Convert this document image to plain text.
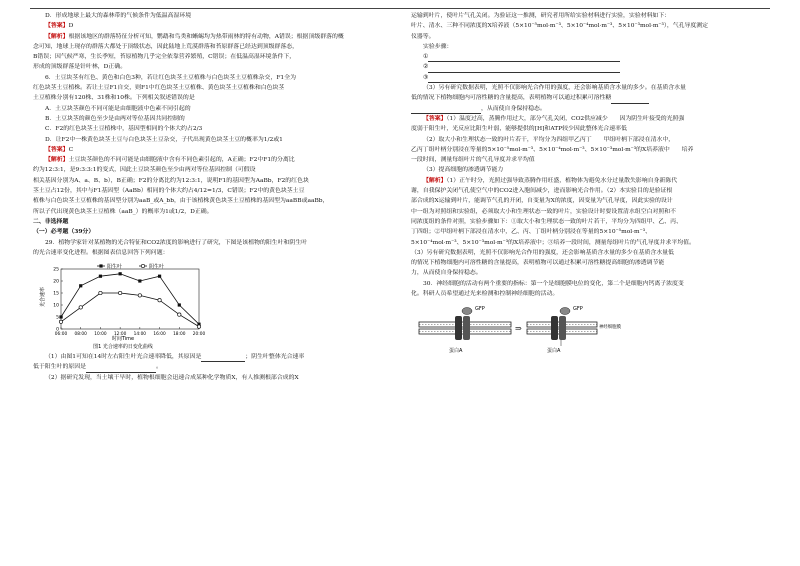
D．形成地球上最大的森林带的气候条件为低温高湿环境

【答案】D

【解析】根据该地区的群落特征分析可知，鹦鹉和鸟类和蜥蜴均为热带雨林的特有动物，A错误；根据顶级群落的概

念可知，地球上现存的群落大都处于顶级状态，因此陆地上荒漠群落和苔原群落已经达到顶级群落态，

B错误；因气候严寒，生长季短，苔原植物几乎完全依靠营养繁殖，C错误；在低温高湿环境条件下，

形成的顶级群落是针叶林，D正确。

6．土豆块茎有红色、黄色和白色3种，若让红色块茎土豆植株与白色块茎土豆植株杂交，F1全为

红色块茎土豆植株。若让土豆F1自交，则F1中红色块茎土豆植株、黄色块茎土豆植株和白色块茎

土豆植株分别有120株、31株和10株。下列相关叙述错误的是

A．土豆块茎颜色不同可能是由细胞液中色素不同引起的

B．土豆块茎的颜色至少是由两对等位基因共同控制的

C．F2的红色块茎土豆植株中，基因型相同的个体大约占2/3

D．让F2中一株黄色块茎土豆与白色块茎土豆杂交，子代出现黄色块茎土豆的概率为1/2或1

【答案】C

【解析】土豆块茎颜色的不同可能是由细胞液中含有不同色素引起的，A正确；F2中F1的分离比

约为12:3:1，是9:3:3:1的变式，因此土豆块茎颜色至少由两对等位基因控制（可假设

相关基因分别为A、a、B、b），B正确；F2的分离比约为12:3:1，说明F1的基因型为AaBb，F2的红色块

茎土豆占12份，其中与F1基因型（AaBb）相同的个体大约占4/12=1/3，C错误；F2中的黄色块茎土豆

植株与白色块茎土豆植株的基因型分别为aaB_或A_bb，由于该植株黄色块茎土豆植株的基因型为aaBB或aaBb，

所以子代出现黄色块茎土豆植株（aaB_）的概率为1或1/2，D正确。

二、非选择题

（一）必考题（39分）

29．植物学家针对某植物的光合特征和CO2浓度的影响进行了研究，下图是该植物的阳生叶和阴生叶

的光合速率变化进程。根据图表信息回答下列问题：

0
5
10
15
20
25
06:00 08:00 10:00 12:00 14:00 16:00 18:00 20:00
阳生叶	阴生叶
时间Time
光合速率
图1 光合速率的日变化曲线

（1）由图1可知在14时左右阳生叶光合速率降低，其原因是	；阴生叶整体光合速率

低于阳生叶的原因是	。

（2）据研究发现，当土壤干旱时，植物根细胞会迅速合成某种化学物质X，有人推测根部合成的X

运输到叶片，使叶片气孔关闭。为验证这一推测，研究者用所给实验材料进行实验，实验材料如下：

叶片、清水、三种不同浓度的X培养液（5×10⁻⁵mol·m⁻³、5×10⁻⁴mol·m⁻³、5×10⁻³mol·m⁻³），气孔导度测定

仪器等。

实验步骤：

①

②

③

（3）另有研究数据表明，光照不仅影响光合作用的强度，还会影响基质含水量的多少。在基质含水量

低的情况下植物细胞内可溶性糖的含量提高，表明植物可以通过积累可溶性糖

，从而使自身保持稳态。

【答案】（1）温度过高，蒸腾作用过大，部分气孔关闭，CO2供应减少　　因为阴生叶接受的光照强

度弱于阳生叶，光反应比阳生叶弱，能够提供的[H]和ATP较少因此整体光合速率低

（2）取大小和生理状态一致的叶片若干，平均分为四组甲乙丙丁　　甲组叶柄下部浸在清水中，

乙丙丁组叶柄分别浸在等量的5×10⁻⁵mol·m⁻³、5×10⁻⁴mol·m⁻³、5×10⁻³mol·m⁻³的X培养液中　　培养

一段时间，测量每组叶片的气孔导度并求平均值

（3）提高细胞的渗透调节能力

【解析】（1）正午时分，光照过强导致蒸腾作用旺盛，植物体为避免水分过量散失影响自身新陈代

谢，自我保护关闭气孔使空气中的CO2进入胞间减少，进而影响光合作用。（2）本实验目的是验证根

部合成的X运输到叶片，能调节气孔的开闭，自变量为X的浓度，因变量为气孔导度，因此实验的设计

中一组为对照组和实验组，必须取大小和生理状态一致的叶片，实验设计时要设置清水组空白对照和不

同浓度组的条件对照，实验步骤如下：①取大小和生理状态一致的叶片若干，平均分为四组甲、乙、丙、

丁四组；②甲组叶柄下部浸在清水中，乙、丙、丁组叶柄分别浸在等量的5×10⁻⁵mol·m⁻³、

5×10⁻⁴mol·m⁻³、5×10⁻³mol·m⁻³的X培养液中；③培养一段时间，测量每组叶片的气孔导度并求平均值。

（3）另有研究数据表明，光照不仅影响光合作用的强度，还会影响基质含水量的多少在基质含水量低

的情况下植物细胞内可溶性糖的含量提高，表明植物可以通过积累可溶性糖提高细胞的渗透调节能

力，从而使自身保持稳态。

30．神经细胞的活动有两个重要的指标：第一个是细胞膜电位的变化，第二个是细胞内钙离子浓度变

化。科研人员希望通过光来检测和控制神经细胞的活动。

GFP
蛋白A
⇒
GFP
蛋白A
神经细胞膜
